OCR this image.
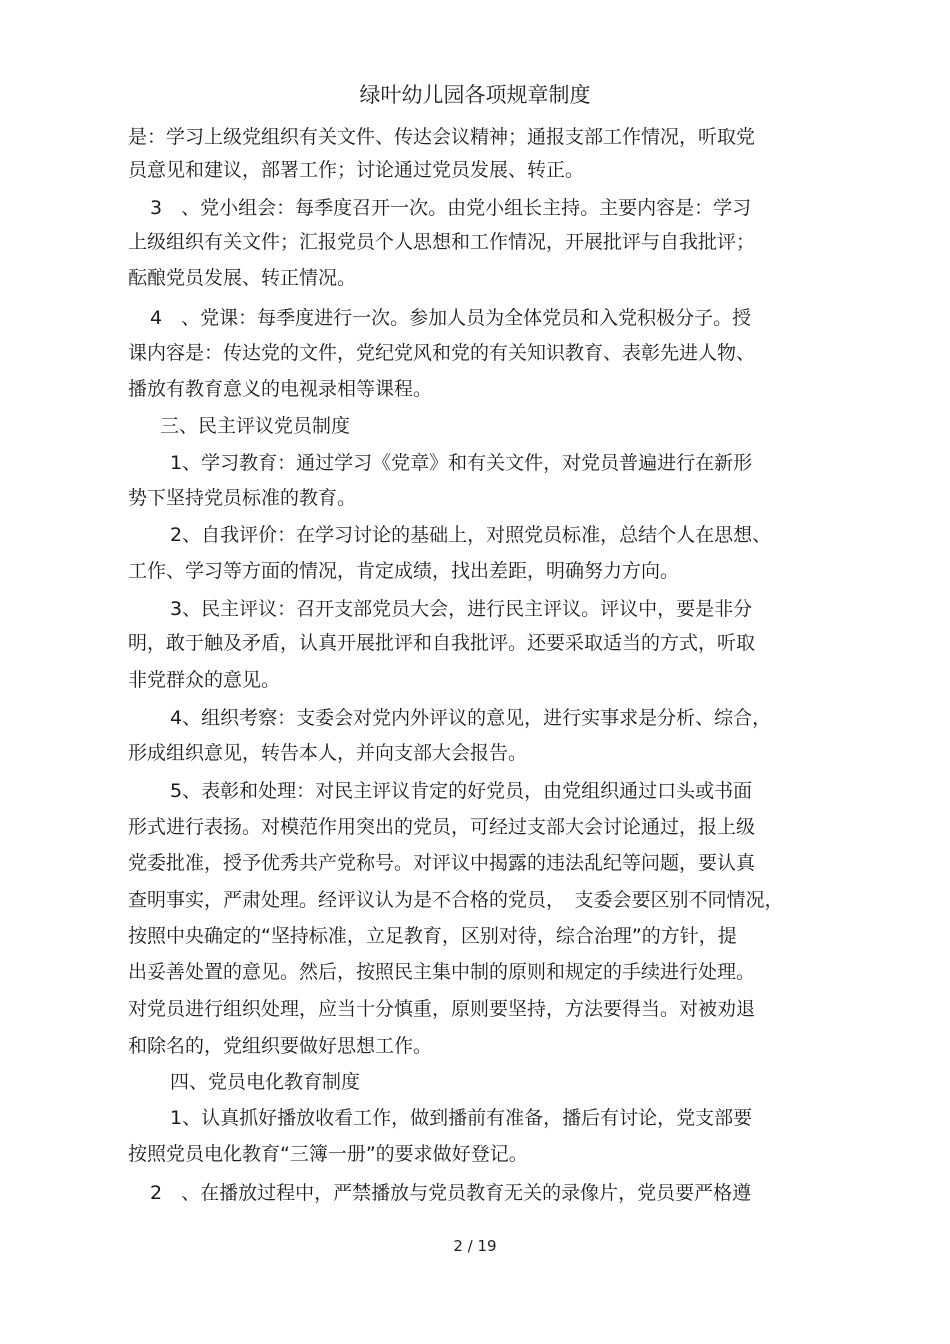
绿叶幼儿园各项规章制度
是：学习上级党组织有关文件、传达会议精神；通报支部工作情况，听取党
员意见和建议，部署工作；讨论通过党员发展、转正。
3　、党小组会：每季度召开一次。由党小组长主持。主要内容是：学习
上级组织有关文件；汇报党员个人思想和工作情况，开展批评与自我批评；
酝酿党员发展、转正情况。
4　、党课：每季度进行一次。参加人员为全体党员和入党积极分子。授
课内容是：传达党的文件，党纪党风和党的有关知识教育、表彰先进人物、
播放有教育意义的电视录相等课程。
三、民主评议党员制度
1、学习教育：通过学习《党章》和有关文件，对党员普遍进行在新形
势下坚持党员标准的教育。
2、自我评价：在学习讨论的基础上，对照党员标准，总结个人在思想、
工作、学习等方面的情况，肯定成绩，找出差距，明确努力方向。
3、民主评议：召开支部党员大会，进行民主评议。评议中，要是非分
明，敢于触及矛盾，认真开展批评和自我批评。还要采取适当的方式，听取
非党群众的意见。
4、组织考察：支委会对党内外评议的意见，进行实事求是分析、综合，
形成组织意见，转告本人，并向支部大会报告。
5、表彰和处理：对民主评议肯定的好党员，由党组织通过口头或书面
形式进行表扬。对模范作用突出的党员，可经过支部大会讨论通过，报上级
党委批准，授予优秀共产党称号。对评议中揭露的违法乱纪等问题，要认真
查明事实，严肃处理。经评议认为是不合格的党员，　支委会要区别不同情况，
按照中央确定的“坚持标准，立足教育，区别对待，综合治理”的方针，提
出妥善处置的意见。然后，按照民主集中制的原则和规定的手续进行处理。
对党员进行组织处理，应当十分慎重，原则要坚持，方法要得当。对被劝退
和除名的，党组织要做好思想工作。
四、党员电化教育制度
1、认真抓好播放收看工作，做到播前有准备，播后有讨论，党支部要
按照党员电化教育“三簿一册”的要求做好登记。
2　、在播放过程中，严禁播放与党员教育无关的录像片，党员要严格遵
2 / 19
